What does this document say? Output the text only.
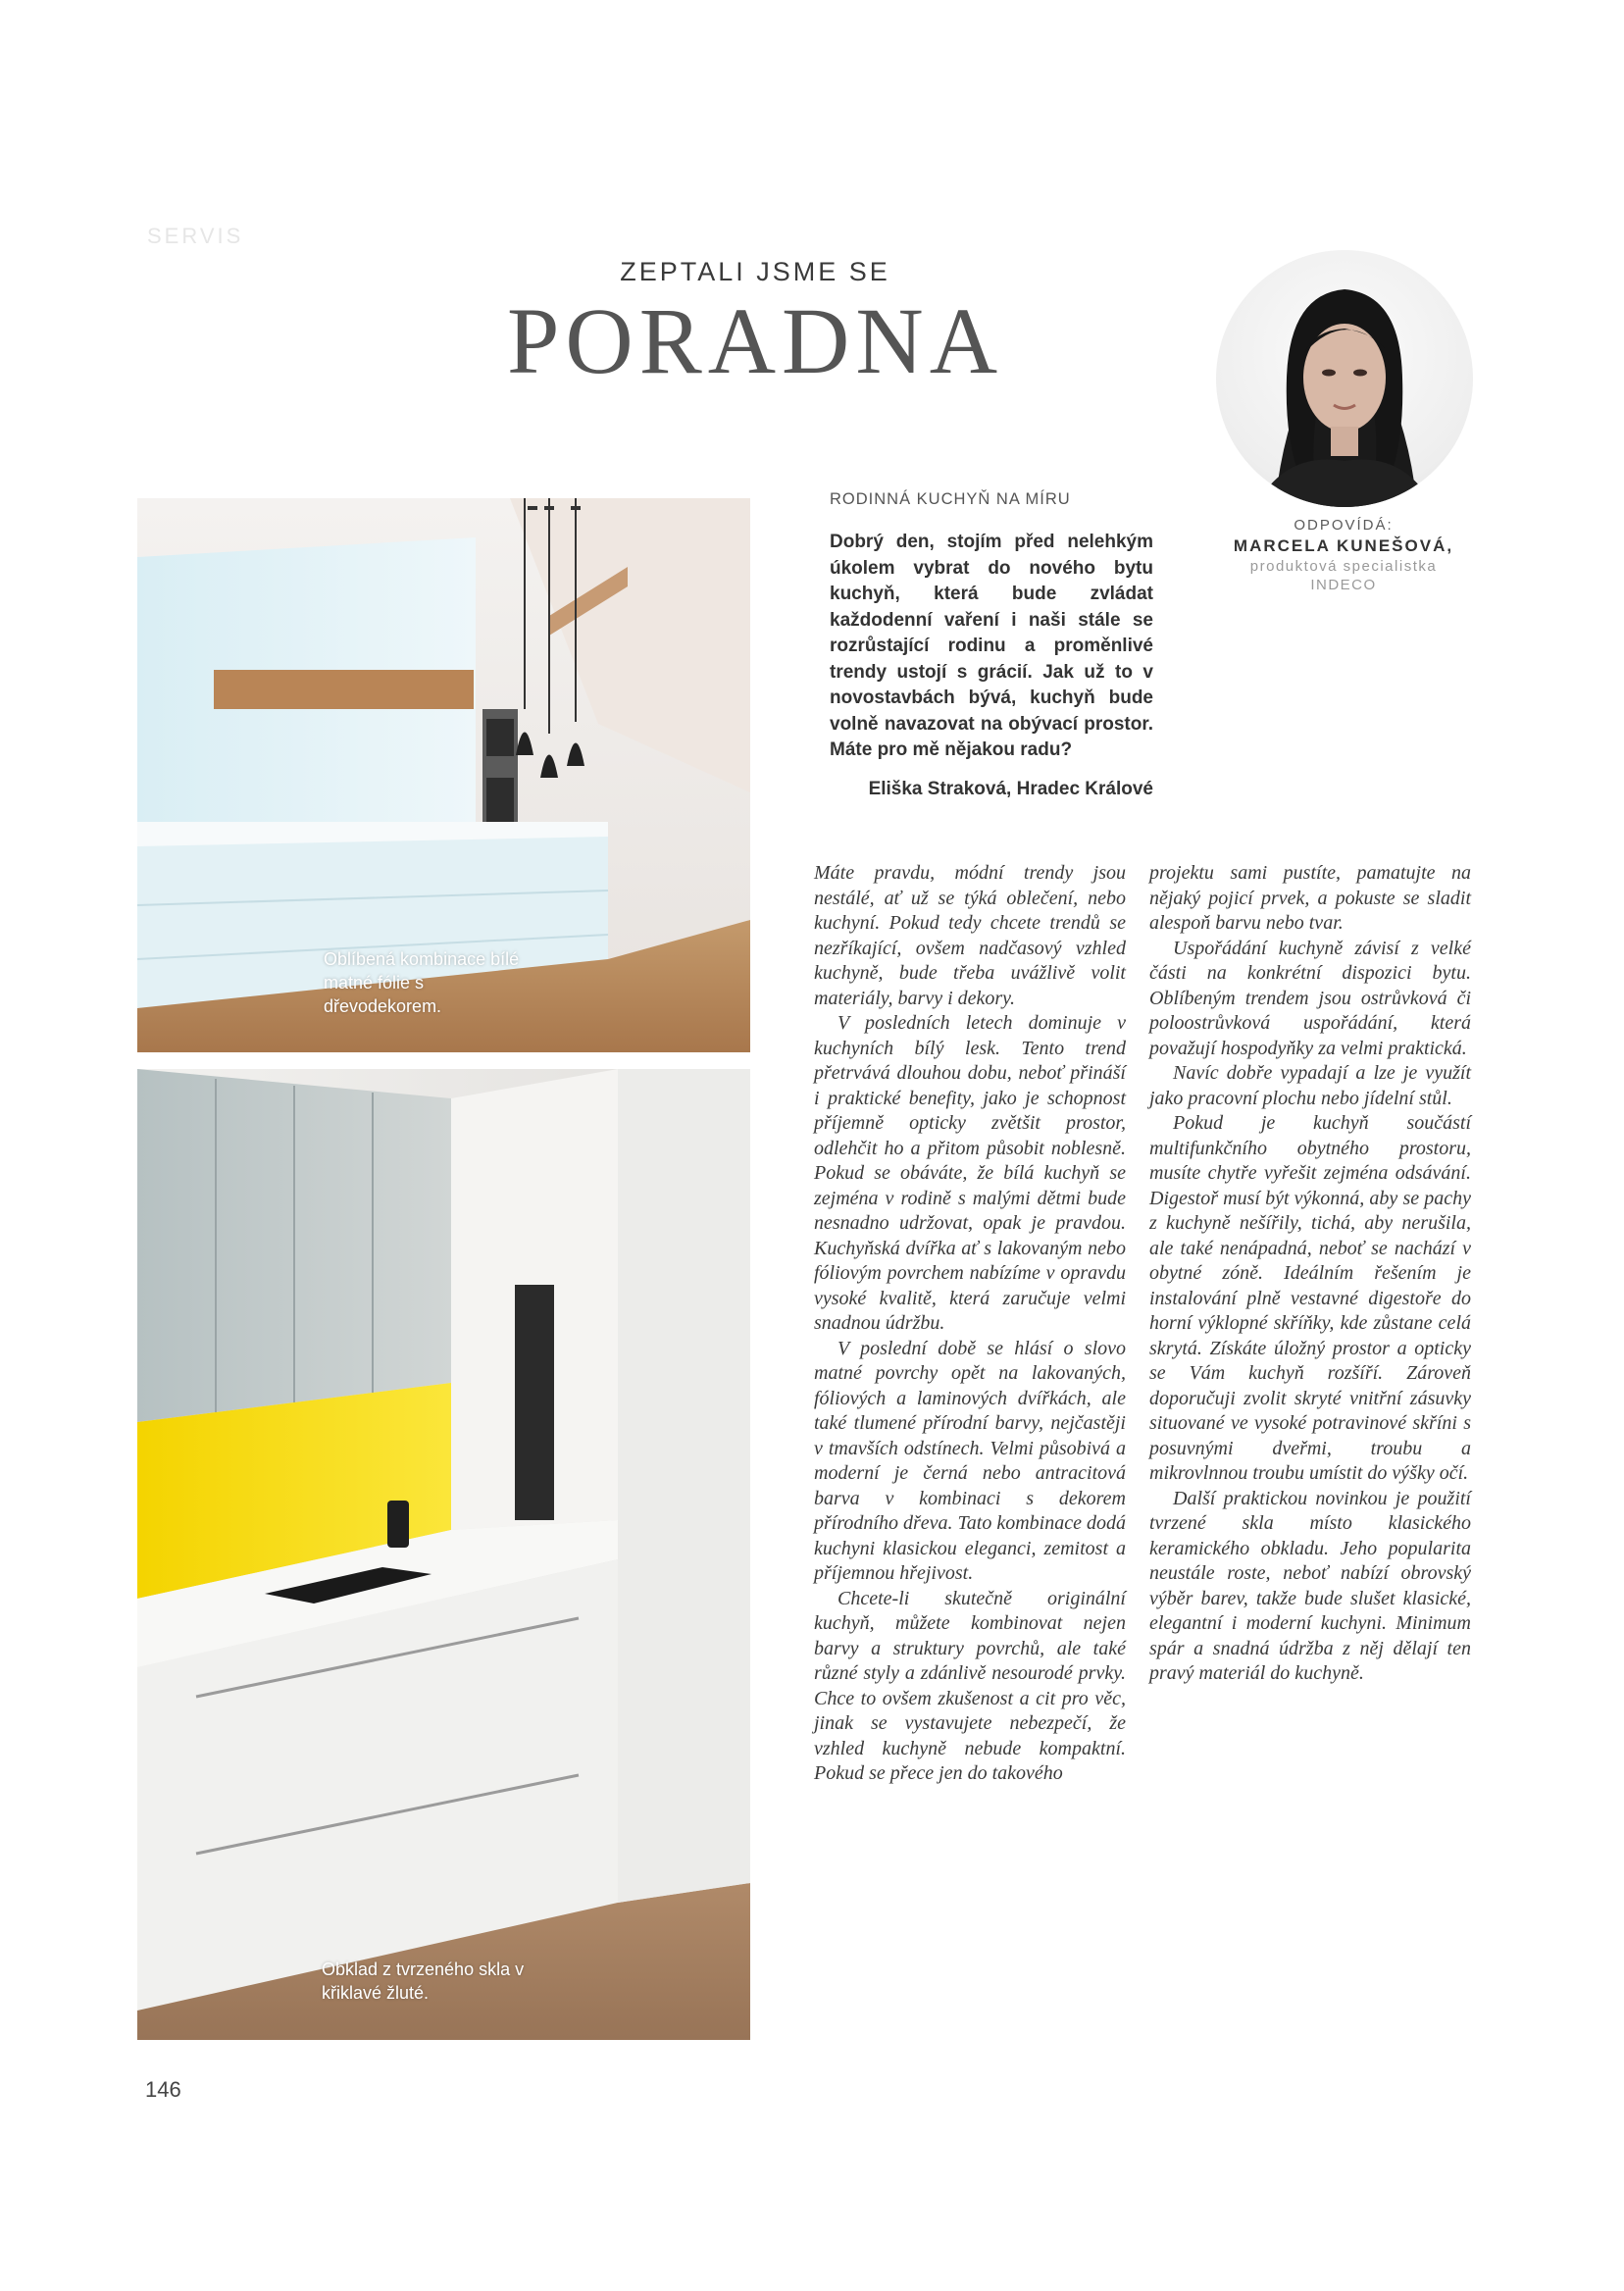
SERVIS
ZEPTALI JSME SE
PORADNA
ODPOVÍDÁ:
MARCELA KUNEŠOVÁ,
produktová specialistka
INDECO
RODINNÁ KUCHYŇ NA MÍRU

Dobrý den, stojím před nelehkým úkolem vybrat do nového bytu kuchyň, která bude zvládat každodenní vaření i naši stále se rozrůstající rodinu a proměnlivé trendy ustojí s grácií. Jak už to v novostavbách bývá, kuchyň bude volně navazovat na obývací prostor. Máte pro mě nějakou radu?

Eliška Straková, Hradec Králové
Oblíbená kombinace bílé matné fólie s dřevodekorem.
Obklad z tvrzeného skla v křiklavé žluté.

Máte pravdu, módní trendy jsou nestálé, ať už se týká oblečení, nebo kuchyní. Pokud tedy chcete trendů se nezříkající, ovšem nadčasový vzhled kuchyně, bude třeba uvážlivě volit materiály, barvy i dekory.

V posledních letech dominuje v kuchyních bílý lesk. Tento trend přetrvává dlouhou dobu, neboť přináší i praktické benefity, jako je schopnost příjemně opticky zvětšit prostor, odlehčit ho a přitom působit noblesně. Pokud se obáváte, že bílá kuchyň se zejména v rodině s malými dětmi bude nesnadno udržovat, opak je pravdou. Kuchyňská dvířka ať s lakovaným nebo fóliovým povrchem nabízíme v opravdu vysoké kvalitě, která zaručuje velmi snadnou údržbu.

V poslední době se hlásí o slovo matné povrchy opět na lakovaných, fóliových a laminových dvířkách, ale také tlumené přírodní barvy, nejčastěji v tmavších odstínech. Velmi působivá a moderní je černá nebo antracitová barva v kombinaci s dekorem přírodního dřeva. Tato kombinace dodá kuchyni klasickou eleganci, zemitost a příjemnou hřejivost.

Chcete-li skutečně originální kuchyň, můžete kombinovat nejen barvy a struktury povrchů, ale také různé styly a zdánlivě nesourodé prvky. Chce to ovšem zkušenost a cit pro věc, jinak se vystavujete nebezpečí, že vzhled kuchyně nebude kompaktní. Pokud se přece jen do takového

projektu sami pustíte, pamatujte na nějaký pojicí prvek, a pokuste se sladit alespoň barvu nebo tvar.

Uspořádání kuchyně závisí z velké části na konkrétní dispozici bytu. Oblíbeným trendem jsou ostrůvková či poloostrůvková uspořádání, která považují hospodyňky za velmi praktická.

Navíc dobře vypadají a lze je využít jako pracovní plochu nebo jídelní stůl.

Pokud je kuchyň součástí multifunkčního obytného prostoru, musíte chytře vyřešit zejména odsávání. Digestoř musí být výkonná, aby se pachy z kuchyně nešířily, tichá, aby nerušila, ale také nenápadná, neboť se nachází v obytné zóně. Ideálním řešením je instalování plně vestavné digestoře do horní výklopné skříňky, kde zůstane celá skrytá. Získáte úložný prostor a opticky se Vám kuchyň rozšíří. Zároveň doporučuji zvolit skryté vnitřní zásuvky situované ve vysoké potravinové skříni s posuvnými dveřmi, troubu a mikrovlnnou troubu umístit do výšky očí.

Další praktickou novinkou je použití tvrzené skla místo klasického keramického obkladu. Jeho popularita neustále roste, neboť nabízí obrovský výběr barev, takže bude slušet klasické, elegantní i moderní kuchyni. Minimum spár a snadná údržba z něj dělají ten pravý materiál do kuchyně.

146
